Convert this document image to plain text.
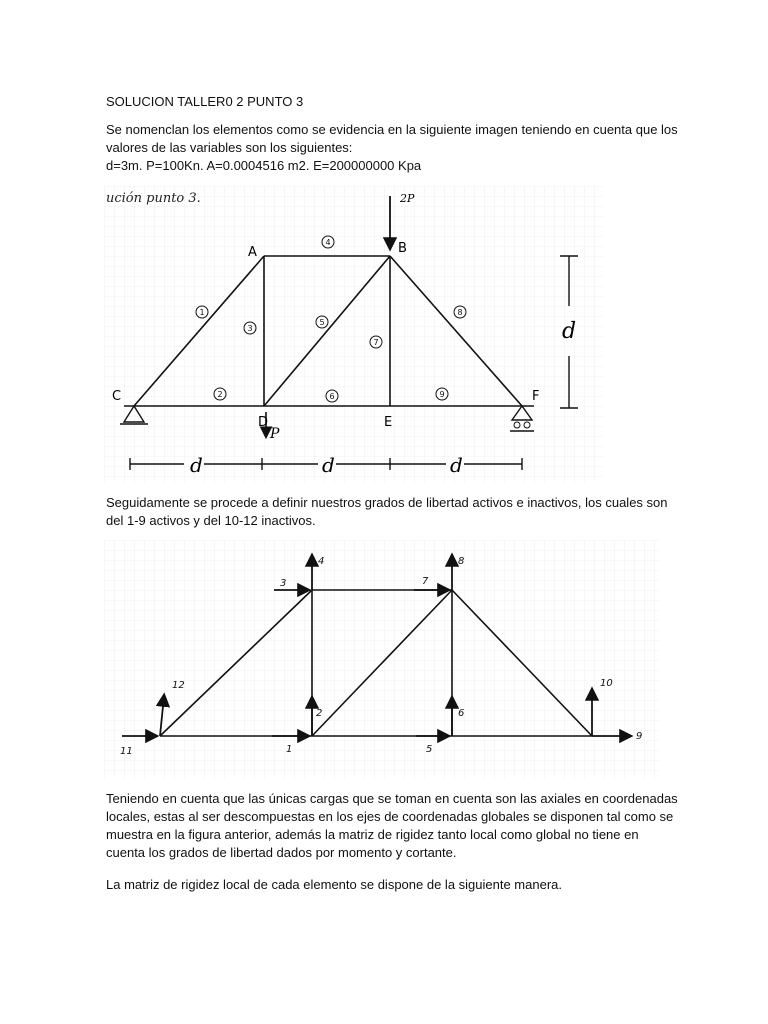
SOLUCION TALLER0 2 PUNTO 3

Se nomenclan los elementos como se evidencia en la siguiente imagen teniendo en cuenta que los
valores de las variables son los siguientes:
d=3m. P=100Kn. A=0.0004516 m2. E=200000000 Kpa

ución punto 3.	2P
P
A	B
C
D	E
F
1
2
3
4
5
6
7
8
9
d
d	d	d

Seguidamente se procede a definir nuestros grados de libertad activos e inactivos, los cuales son
del 1-9 activos y del 10-12 inactivos.

1
2
3
4
5
6
7
8
9
10
11
12

Teniendo en cuenta que las únicas cargas que se toman en cuenta son las axiales en coordenadas
locales, estas al ser descompuestas en los ejes de coordenadas globales se disponen tal como se
muestra en la figura anterior, además la matriz de rigidez tanto local como global no tiene en
cuenta los grados de libertad dados por momento y cortante.

La matriz de rigidez local de cada elemento se dispone de la siguiente manera.
